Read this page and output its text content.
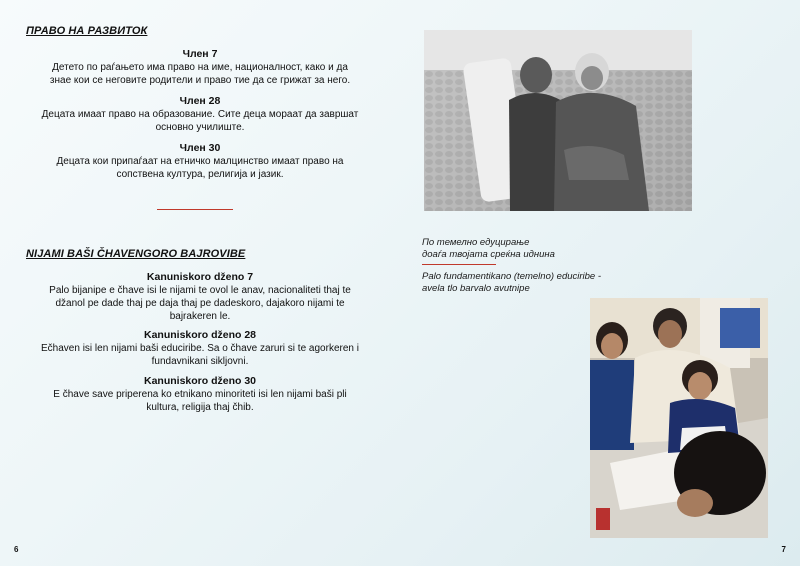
ПРАВО НА РАЗВИТОК
Член 7
Детето по раѓањето има право на име, националност, како и да
знае кои се неговите родители и право тие да се грижат за него.
Член 28
Децата имаат право на образование. Сите деца мораат да завршат
основно училиште.
Член 30
Децата кои припаѓаат на етничко малцинство имаат право на
сопствена култура, религија и јазик.
NIJAMI BAŠI ČHAVENGORO BAJROVIBE
Kanuniskoro dženo 7
Palo bijanipe e čhave isi le nijami te ovol le anav, nacionaliteti thaj te
džanol pe dade thaj pe daja thaj pe dadeskoro, dajakoro nijami te
bajrakeren le.
Kanuniskoro dženo 28
Ečhaven isi len nijami baši educiribe. Sa o čhave zaruri si te agorkeren i
fundavnikani sikljovni.
Kanuniskoro dženo 30
E čhave save priperena ko etnikano minoriteti isi len nijami baši pli
kultura, religija thaj čhib.
6
По темелно едуцирање
доаѓа твојата среќна иднина
Palo fundamentikano (temelno) educiribe -
avela tlo barvalo avutnipe
7
